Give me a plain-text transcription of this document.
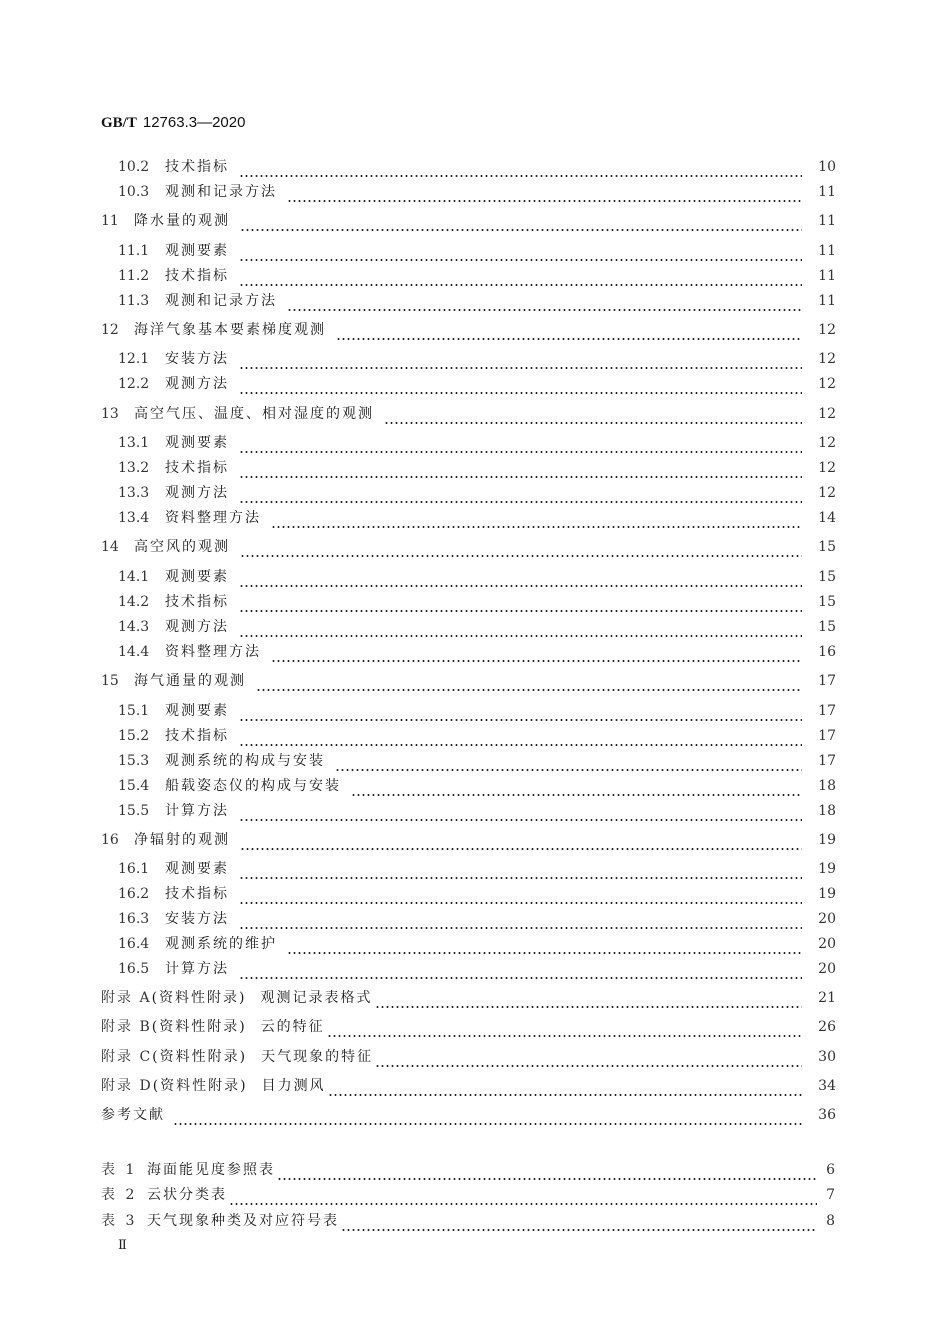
GB/T 12763.3—2020
10.2	技术指标	10
10.3	观测和记录方法	11
11	降水量的观测	11
11.1	观测要素	11
11.2	技术指标	11
11.3	观测和记录方法	11
12	海洋气象基本要素梯度观测	12
12.1	安装方法	12
12.2	观测方法	12
13	高空气压、温度、相对湿度的观测	12
13.1	观测要素	12
13.2	技术指标	12
13.3	观测方法	12
13.4	资料整理方法	14
14	高空风的观测	15
14.1	观测要素	15
14.2	技术指标	15
14.3	观测方法	15
14.4	资料整理方法	16
15	海气通量的观测	17
15.1	观测要素	17
15.2	技术指标	17
15.3	观测系统的构成与安装	17
15.4	船载姿态仪的构成与安装	18
15.5	计算方法	18
16	净辐射的观测	19
16.1	观测要素	19
16.2	技术指标	19
16.3	安装方法	20
16.4	观测系统的维护	20
16.5	计算方法	20
附录 A (资料性附录) 观测记录表格式	21
附录 B (资料性附录) 云的特征	26
附录 C (资料性附录) 天气现象的特征	30
附录 D (资料性附录) 目力测风	34
参考文献	36
表 1 海面能见度参照表	6
表 2 云状分类表	7
表 3 天气现象种类及对应符号表	8
Ⅱ
